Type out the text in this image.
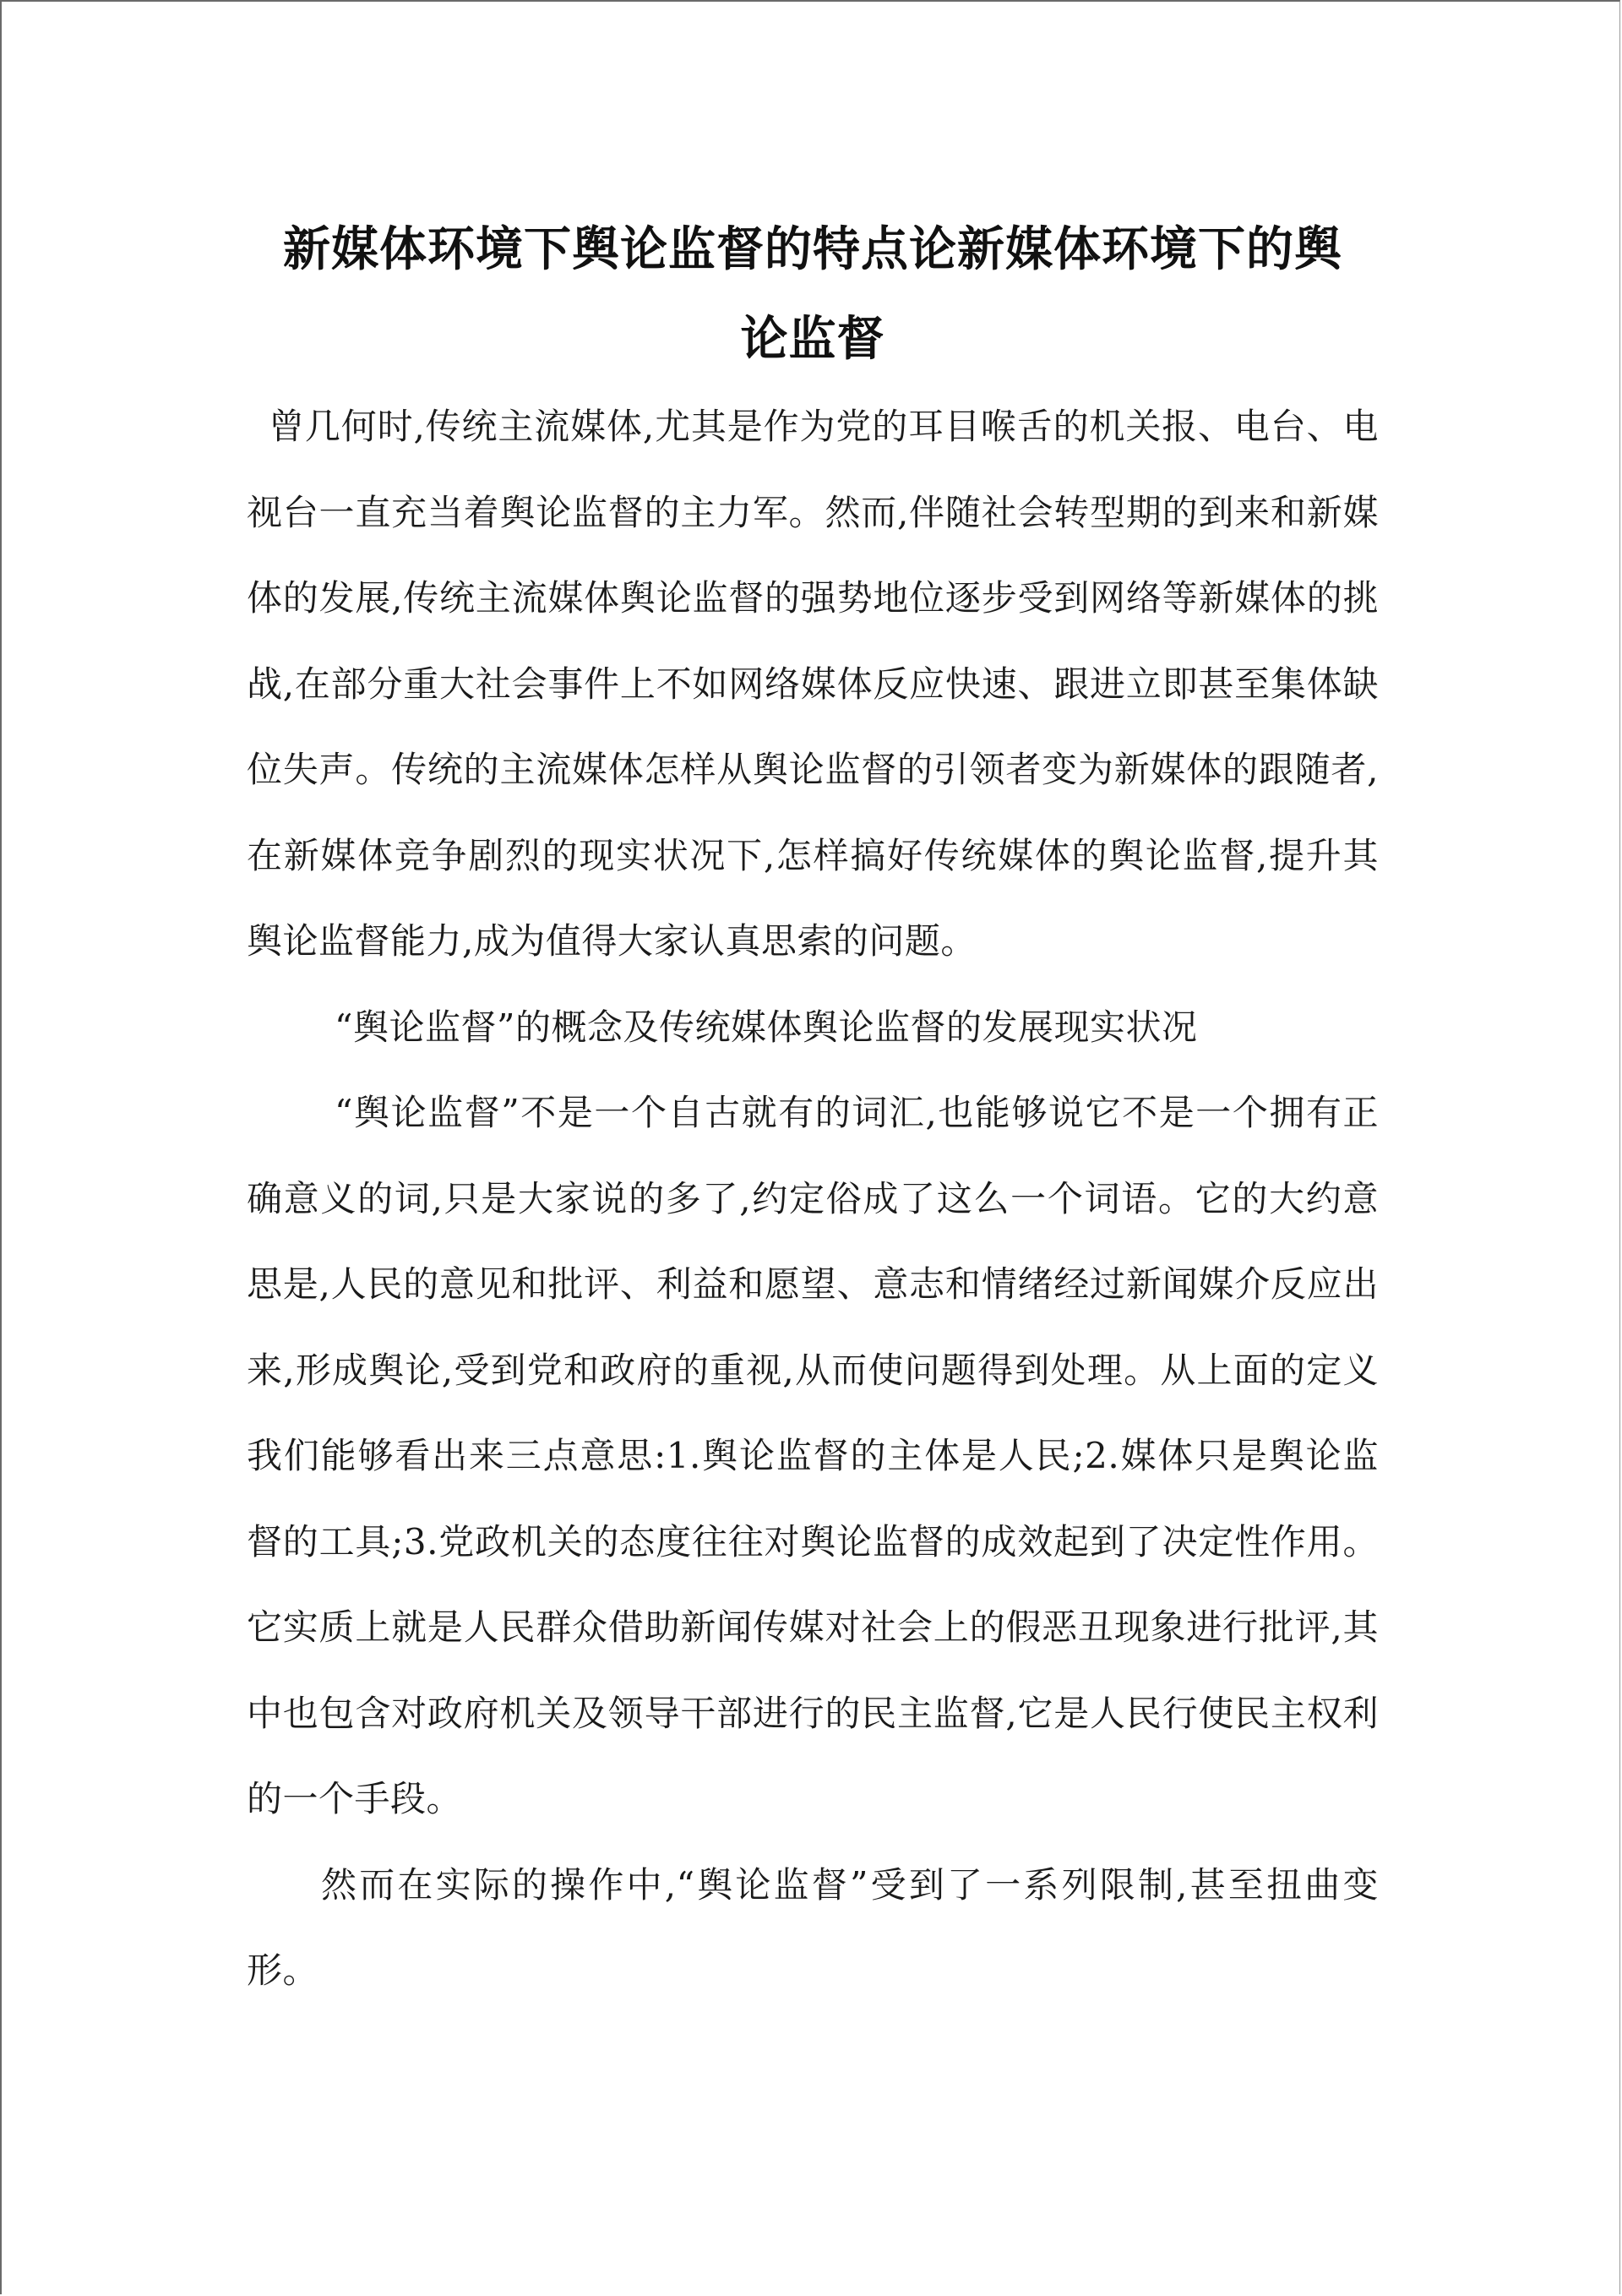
新媒体环境下舆论监督的特点论新媒体环境下的舆
论监督

曾几何时,传统主流媒体,尤其是作为党的耳目喉舌的机关报、电台、电视台一直充当着舆论监督的主力军。然而,伴随社会转型期的到来和新媒体的发展,传统主流媒体舆论监督的强势地位逐步受到网络等新媒体的挑战,在部分重大社会事件上不如网络媒体反应快速、跟进立即甚至集体缺位失声。传统的主流媒体怎样从舆论监督的引领者变为新媒体的跟随者,在新媒体竞争剧烈的现实状况下,怎样搞好传统媒体的舆论监督,提升其舆论监督能力,成为值得大家认真思索的问题。

“舆论监督”的概念及传统媒体舆论监督的发展现实状况

“舆论监督”不是一个自古就有的词汇,也能够说它不是一个拥有正确意义的词,只是大家说的多了,约定俗成了这么一个词语。它的大约意思是,人民的意见和批评、利益和愿望、意志和情绪经过新闻媒介反应出来,形成舆论,受到党和政府的重视,从而使问题得到处理。从上面的定义我们能够看出来三点意思:1.舆论监督的主体是人民;2.媒体只是舆论监督的工具;3.党政机关的态度往往对舆论监督的成效起到了决定性作用。它实质上就是人民群众借助新闻传媒对社会上的假恶丑现象进行批评,其中也包含对政府机关及领导干部进行的民主监督,它是人民行使民主权利的一个手段。

然而在实际的操作中,“舆论监督”受到了一系列限制,甚至扭曲变形。
